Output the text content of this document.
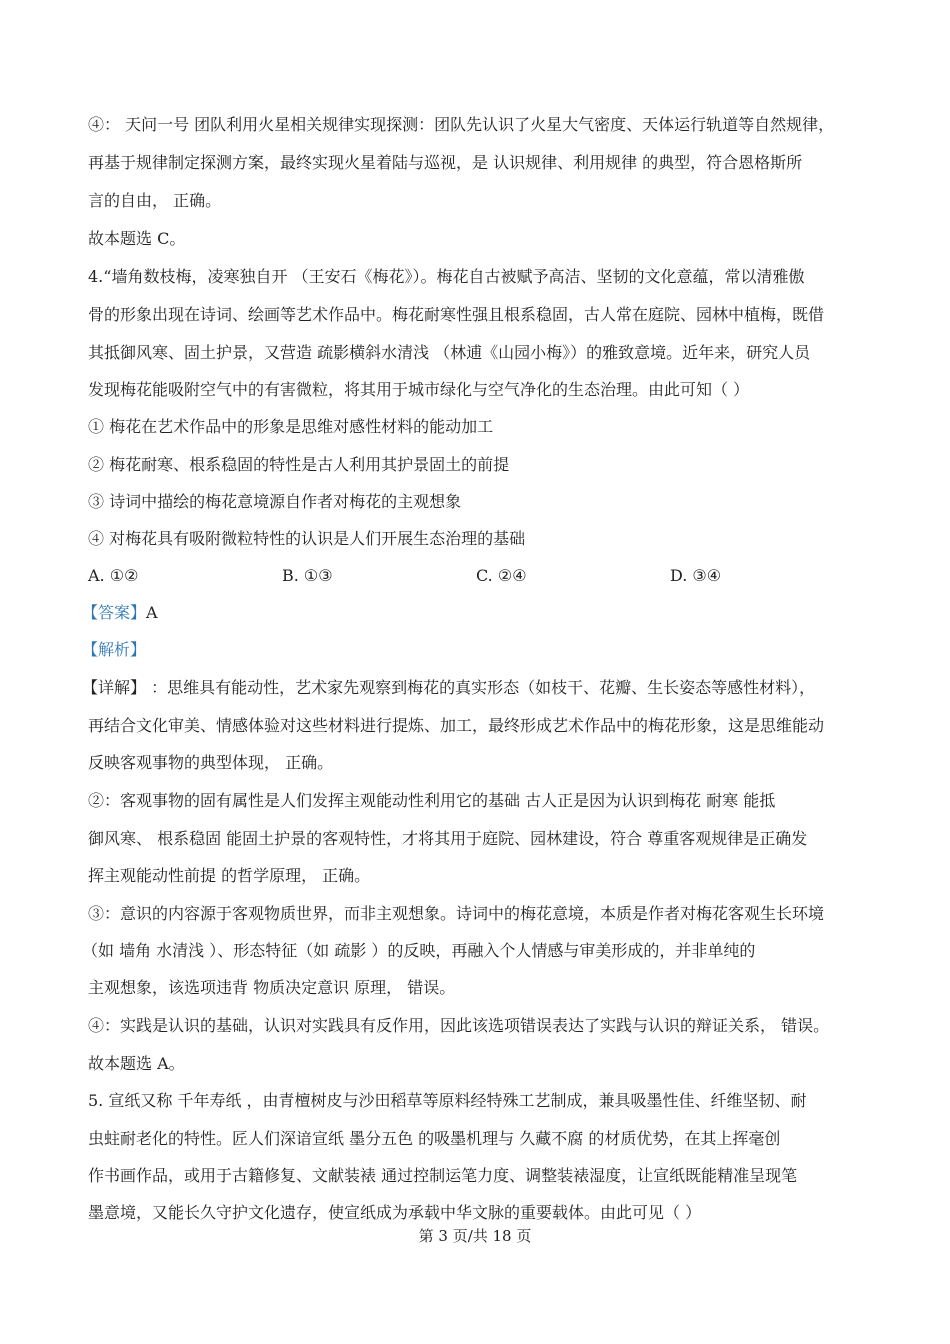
④： 天问一号 团队利用火星相关规律实现探测：团队先认识了火星大气密度、天体运行轨道等自然规律，
再基于规律制定探测方案，最终实现火星着陆与巡视，是 认识规律、利用规律 的典型，符合恩格斯所
言的自由， 正确。
故本题选 C。
4.“墙角数枝梅，凌寒独自开 （王安石《梅花》）。梅花自古被赋予高洁、坚韧的文化意蕴，常以清雅傲
骨的形象出现在诗词、绘画等艺术作品中。梅花耐寒性强且根系稳固，古人常在庭院、园林中植梅，既借
其抵御风寒、固土护景，又营造 疏影横斜水清浅 （林逋《山园小梅》）的雅致意境。近年来，研究人员
发现梅花能吸附空气中的有害微粒，将其用于城市绿化与空气净化的生态治理。由此可知（ ）
① 梅花在艺术作品中的形象是思维对感性材料的能动加工
② 梅花耐寒、根系稳固的特性是古人利用其护景固土的前提
③ 诗词中描绘的梅花意境源自作者对梅花的主观想象
④ 对梅花具有吸附微粒特性的认识是人们开展生态治理的基础
A. ①②	B. ①③	C. ②④	D. ③④
【答案】A
【解析】
【详解】 ：思维具有能动性，艺术家先观察到梅花的真实形态（如枝干、花瓣、生长姿态等感性材料），
再结合文化审美、情感体验对这些材料进行提炼、加工，最终形成艺术作品中的梅花形象，这是思维能动
反映客观事物的典型体现， 正确。
②：客观事物的固有属性是人们发挥主观能动性利用它的基础 古人正是因为认识到梅花 耐寒 能抵
御风寒、 根系稳固 能固土护景的客观特性，才将其用于庭院、园林建设，符合 尊重客观规律是正确发
挥主观能动性前提 的哲学原理， 正确。
③：意识的内容源于客观物质世界，而非主观想象。诗词中的梅花意境，本质是作者对梅花客观生长环境
（如 墙角 水清浅 ）、形态特征（如 疏影 ）的反映，再融入个人情感与审美形成的，并非单纯的
主观想象，该选项违背 物质决定意识 原理， 错误。
④：实践是认识的基础，认识对实践具有反作用，因此该选项错误表达了实践与认识的辩证关系， 错误。
故本题选 A。
5. 宣纸又称 千年寿纸 ，由青檀树皮与沙田稻草等原料经特殊工艺制成，兼具吸墨性佳、纤维坚韧、耐
虫蛀耐老化的特性。匠人们深谙宣纸 墨分五色 的吸墨机理与 久藏不腐 的材质优势，在其上挥毫创
作书画作品，或用于古籍修复、文献装裱 通过控制运笔力度、调整装裱湿度，让宣纸既能精准呈现笔
墨意境，又能长久守护文化遗存，使宣纸成为承载中华文脉的重要载体。由此可见（ ）
第 3 页/共 18 页
